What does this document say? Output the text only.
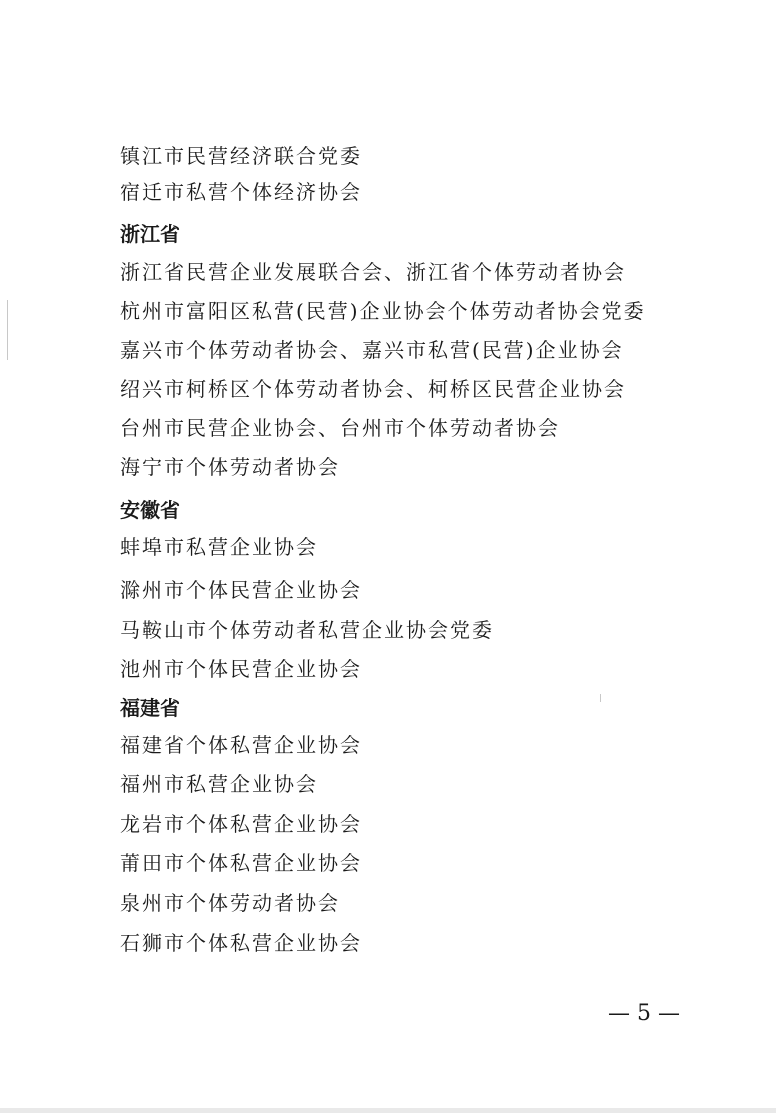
镇江市民营经济联合党委
宿迁市私营个体经济协会
浙江省
浙江省民营企业发展联合会、浙江省个体劳动者协会
杭州市富阳区私营(民营)企业协会个体劳动者协会党委
嘉兴市个体劳动者协会、嘉兴市私营(民营)企业协会
绍兴市柯桥区个体劳动者协会、柯桥区民营企业协会
台州市民营企业协会、台州市个体劳动者协会
海宁市个体劳动者协会
安徽省
蚌埠市私营企业协会
滁州市个体民营企业协会
马鞍山市个体劳动者私营企业协会党委
池州市个体民营企业协会
福建省
福建省个体私营企业协会
福州市私营企业协会
龙岩市个体私营企业协会
莆田市个体私营企业协会
泉州市个体劳动者协会
石狮市个体私营企业协会
— 5 —
